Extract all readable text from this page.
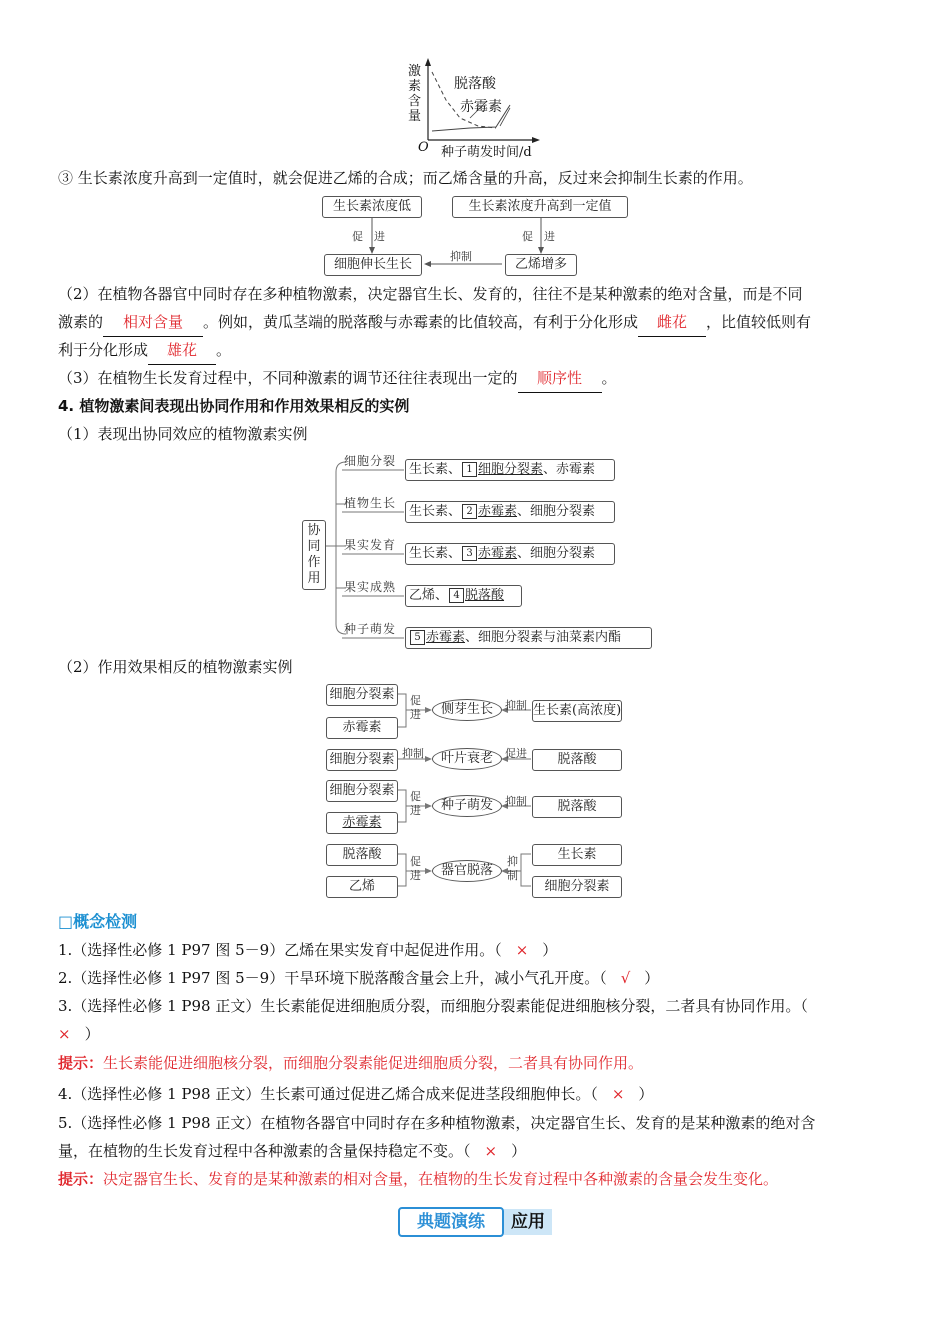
激素含量
O 种子萌发时间/d
脱落酸
赤霉素
③ 生长素浓度升高到一定值时，就会促进乙烯的合成；而乙烯含量的升高，反过来会抑制生长素的作用。
生长素浓度低	生长素浓度升高到一定值
细胞伸长生长	乙烯增多
促　进	促　进
抑制
（2）在植物各器官中同时存在多种植物激素，决定器官生长、发育的，往往不是某种激素的绝对含量，而是不同
激素的 相对含量 。例如，黄瓜茎端的脱落酸与赤霉素的比值较高，有利于分化形成 雌花 ，比值较低则有
利于分化形成 雄花 。
（3）在植物生长发育过程中，不同种激素的调节还往往表现出一定的 顺序性 。
4. 植物激素间表现出协同作用和作用效果相反的实例
（1）表现出协同效应的植物激素实例
协同作用
细胞分裂
生长素、 1 细胞分裂素、赤霉素
植物生长
生长素、 2 赤霉素、细胞分裂素
果实发育
生长素、 3 赤霉素、细胞分裂素
果实成熟
乙烯、 4 脱落酸
种子萌发
5 赤霉素、细胞分裂素与油菜素内酯
（2）作用效果相反的植物激素实例
细胞分裂素
赤霉素
促进	侧芽生长	抑制 生长素(高浓度)
细胞分裂素 抑制	叶片衰老	促进	脱落酸
细胞分裂素
赤霉素
促进	种子萌发	抑制	脱落酸
脱落酸
乙烯
促进	器官脱落
抑制
生长素
细胞分裂素
□概念检测
1.（选择性必修 1 P97 图 5－9）乙烯在果实发育中起促进作用。（ × ）
2.（选择性必修 1 P97 图 5－9）干旱环境下脱落酸含量会上升，减小气孔开度。（ √ ）
3.（选择性必修 1 P98 正文）生长素能促进细胞质分裂，而细胞分裂素能促进细胞核分裂，二者具有协同作用。（
× ）
提示：生长素能促进细胞核分裂，而细胞分裂素能促进细胞质分裂，二者具有协同作用。
4.（选择性必修 1 P98 正文）生长素可通过促进乙烯合成来促进茎段细胞伸长。（ × ）
5.（选择性必修 1 P98 正文）在植物各器官中同时存在多种植物激素，决定器官生长、发育的是某种激素的绝对含
量，在植物的生长发育过程中各种激素的含量保持稳定不变。（ × ）
提示：决定器官生长、发育的是某种激素的相对含量，在植物的生长发育过程中各种激素的含量会发生变化。
典题演练	应用
